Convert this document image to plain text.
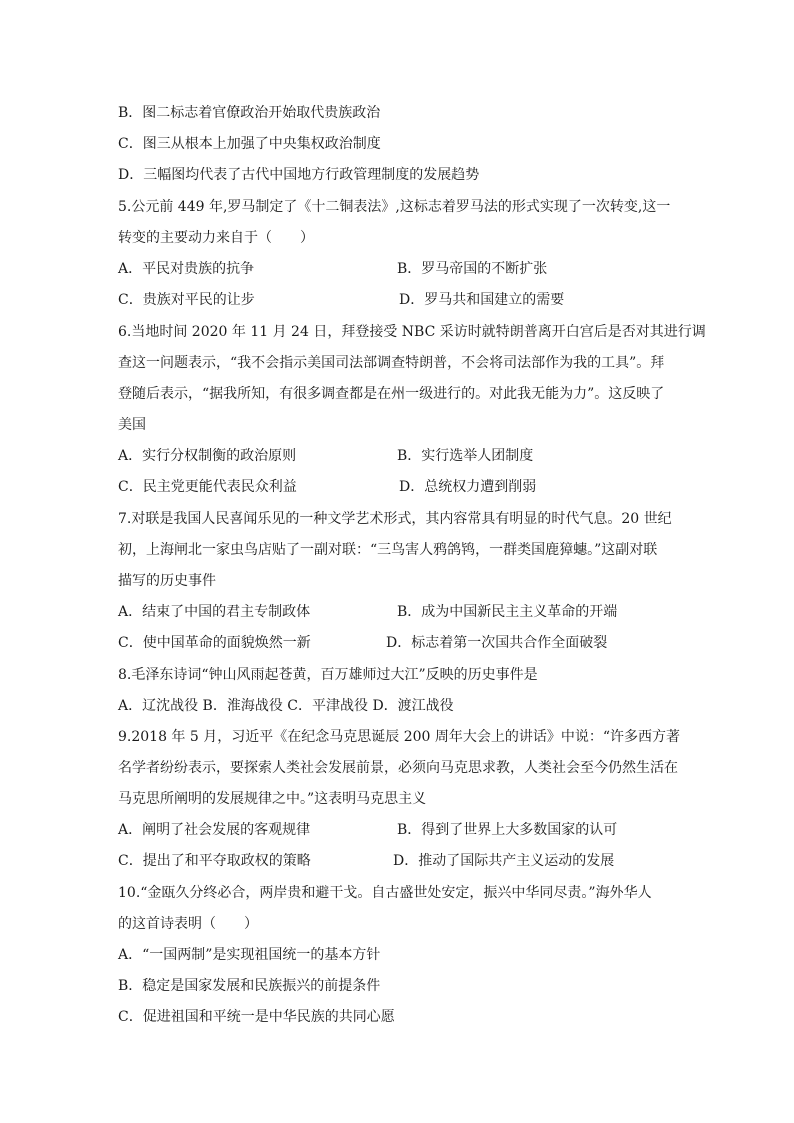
B．图二标志着官僚政治开始取代贵族政治
C．图三从根本上加强了中央集权政治制度
D．三幅图均代表了古代中国地方行政管理制度的发展趋势
5.公元前 449 年,罗马制定了《十二铜表法》,这标志着罗马法的形式实现了一次转变,这一
转变的主要动力来自于（　　）
A．平民对贵族的抗争	B．罗马帝国的不断扩张
C．贵族对平民的让步	D．罗马共和国建立的需要
6.当地时间 2020 年 11 月 24 日，拜登接受 NBC 采访时就特朗普离开白宫后是否对其进行调
查这一问题表示，“我不会指示美国司法部调查特朗普，不会将司法部作为我的工具”。拜
登随后表示，“据我所知，有很多调查都是在州一级进行的。对此我无能为力”。这反映了
美国
A．实行分权制衡的政治原则	B．实行选举人团制度
C．民主党更能代表民众利益	D．总统权力遭到削弱
7.对联是我国人民喜闻乐见的一种文学艺术形式，其内容常具有明显的时代气息。20 世纪
初，上海闸北一家虫鸟店贴了一副对联：“三鸟害人鸦鸽鸨，一群类国鹿獐蟪。”这副对联
描写的历史事件
A．结束了中国的君主专制政体	B．成为中国新民主主义革命的开端
C．使中国革命的面貌焕然一新	D．标志着第一次国共合作全面破裂
8.毛泽东诗词“钟山风雨起苍黄，百万雄师过大江”反映的历史事件是
A．辽沈战役 B．淮海战役 C．平津战役 D．渡江战役
9.2018 年 5 月，习近平《在纪念马克思诞辰 200 周年大会上的讲话》中说：“许多西方著
名学者纷纷表示，要探索人类社会发展前景，必须向马克思求教，人类社会至今仍然生活在
马克思所阐明的发展规律之中。”这表明马克思主义
A．阐明了社会发展的客观规律	B．得到了世界上大多数国家的认可
C．提出了和平夺取政权的策略	D．推动了国际共产主义运动的发展
10.“金瓯久分终必合，两岸贵和避干戈。自古盛世处安定，振兴中华同尽责。”海外华人
的这首诗表明（　　）
A．“一国两制”是实现祖国统一的基本方针
B．稳定是国家发展和民族振兴的前提条件
C．促进祖国和平统一是中华民族的共同心愿
